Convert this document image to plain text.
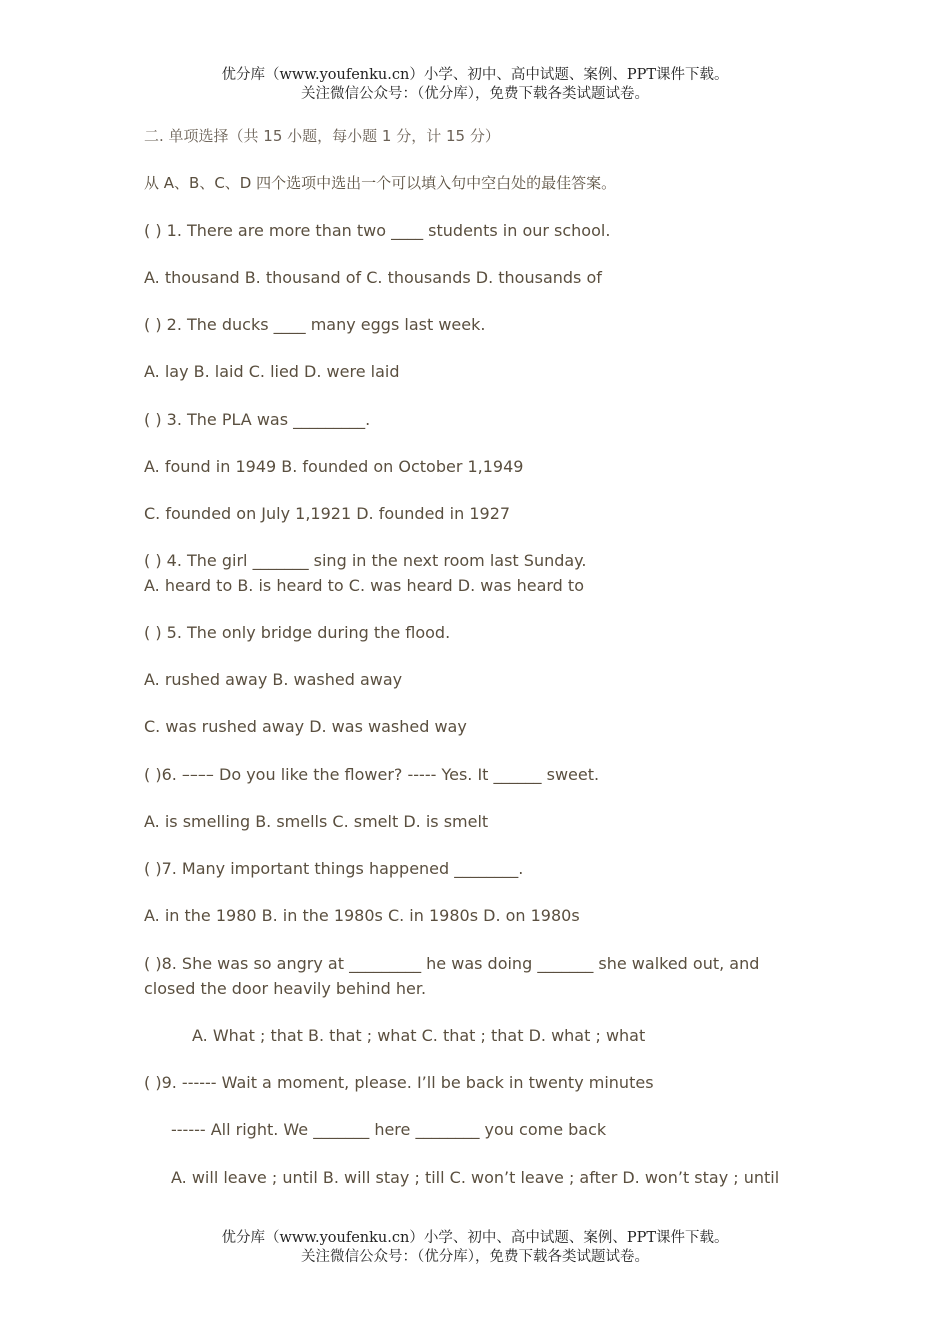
优分库（www.youfenku.cn）小学、初中、高中试题、案例、PPT课件下载。
关注微信公众号：（优分库），免费下载各类试题试卷。
二. 单项选择（共 15 小题，每小题 1 分，计 15 分）
从 A、B、C、D 四个选项中选出一个可以填入句中空白处的最佳答案。
( ) 1. There are more than two ____ students in our school.
A. thousand B. thousand of C. thousands D. thousands of
( ) 2. The ducks ____ many eggs last week.
A. lay B. laid C. lied D. were laid
( ) 3. The PLA was _________.
A. found in 1949 B. founded on October 1,1949
C. founded on July 1,1921 D. founded in 1927
( ) 4. The girl _______ sing in the next room last Sunday.
A. heard to B. is heard to C. was heard D. was heard to
( ) 5. The only bridge during the flood.
A. rushed away B. washed away
C. was rushed away D. was washed way
( )6. –––– Do you like the flower? ----- Yes. It ______ sweet.
A. is smelling B. smells C. smelt D. is smelt
( )7. Many important things happened ________.
A. in the 1980 B. in the 1980s C. in 1980s D. on 1980s
( )8. She was so angry at _________ he was doing _______ she walked out, and closed the door heavily behind her.
A. What ; that B. that ; what C. that ; that D. what ; what
( )9. ------ Wait a moment, please. I’ll be back in twenty minutes
------ All right. We _______ here ________ you come back
A. will leave ; until B. will stay ; till C. won’t leave ; after D. won’t stay ; until
优分库（www.youfenku.cn）小学、初中、高中试题、案例、PPT课件下载。
关注微信公众号：（优分库），免费下载各类试题试卷。
